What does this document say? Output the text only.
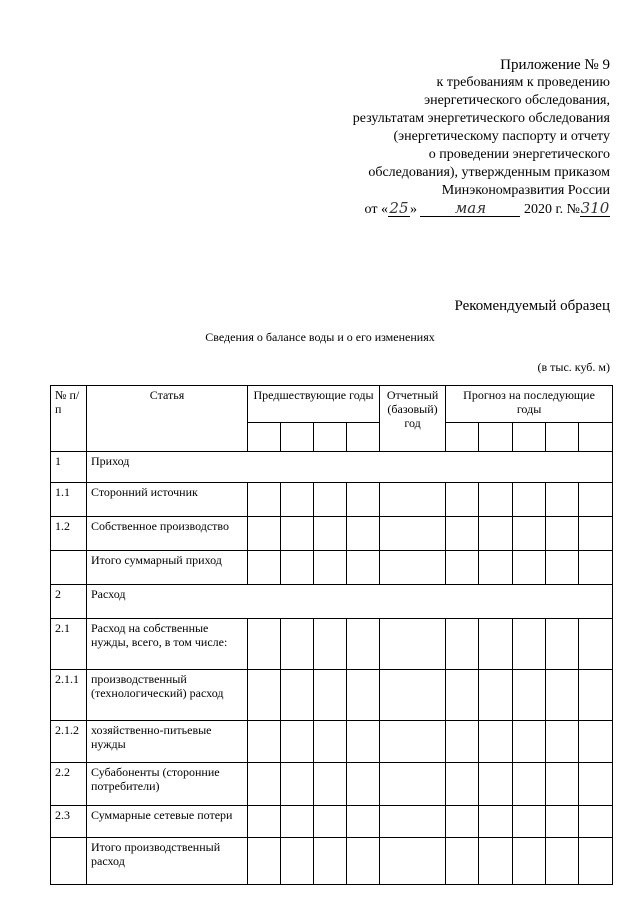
Приложение № 9
к требованиям к проведению
энергетического обследования,
результатам энергетического обследования
(энергетическому паспорту и отчету
о проведении энергетического
обследования), утвержденным приказом
Минэкономразвития России
от «25»	мая	2020 г. №310
Рекомендуемый образец
Сведения о балансе воды и о его изменениях
(в тыс. куб. м)
№ п/п	Статья	Предшествующие годы				Отчетный (базовый) год	Прогноз на последующие годы				

1	Приход										
1.1	Сторонний источник										
1.2	Собственное производство										
	Итого суммарный приход										
2	Расход										
2.1	Расход на собственные нужды, всего, в том числе:										
2.1.1	производственный (технологический) расход										
2.1.2	хозяйственно-питьевые нужды										
2.2	Субабоненты (сторонние потребители)										
2.3	Суммарные сетевые потери										
	Итого производственный расход										
